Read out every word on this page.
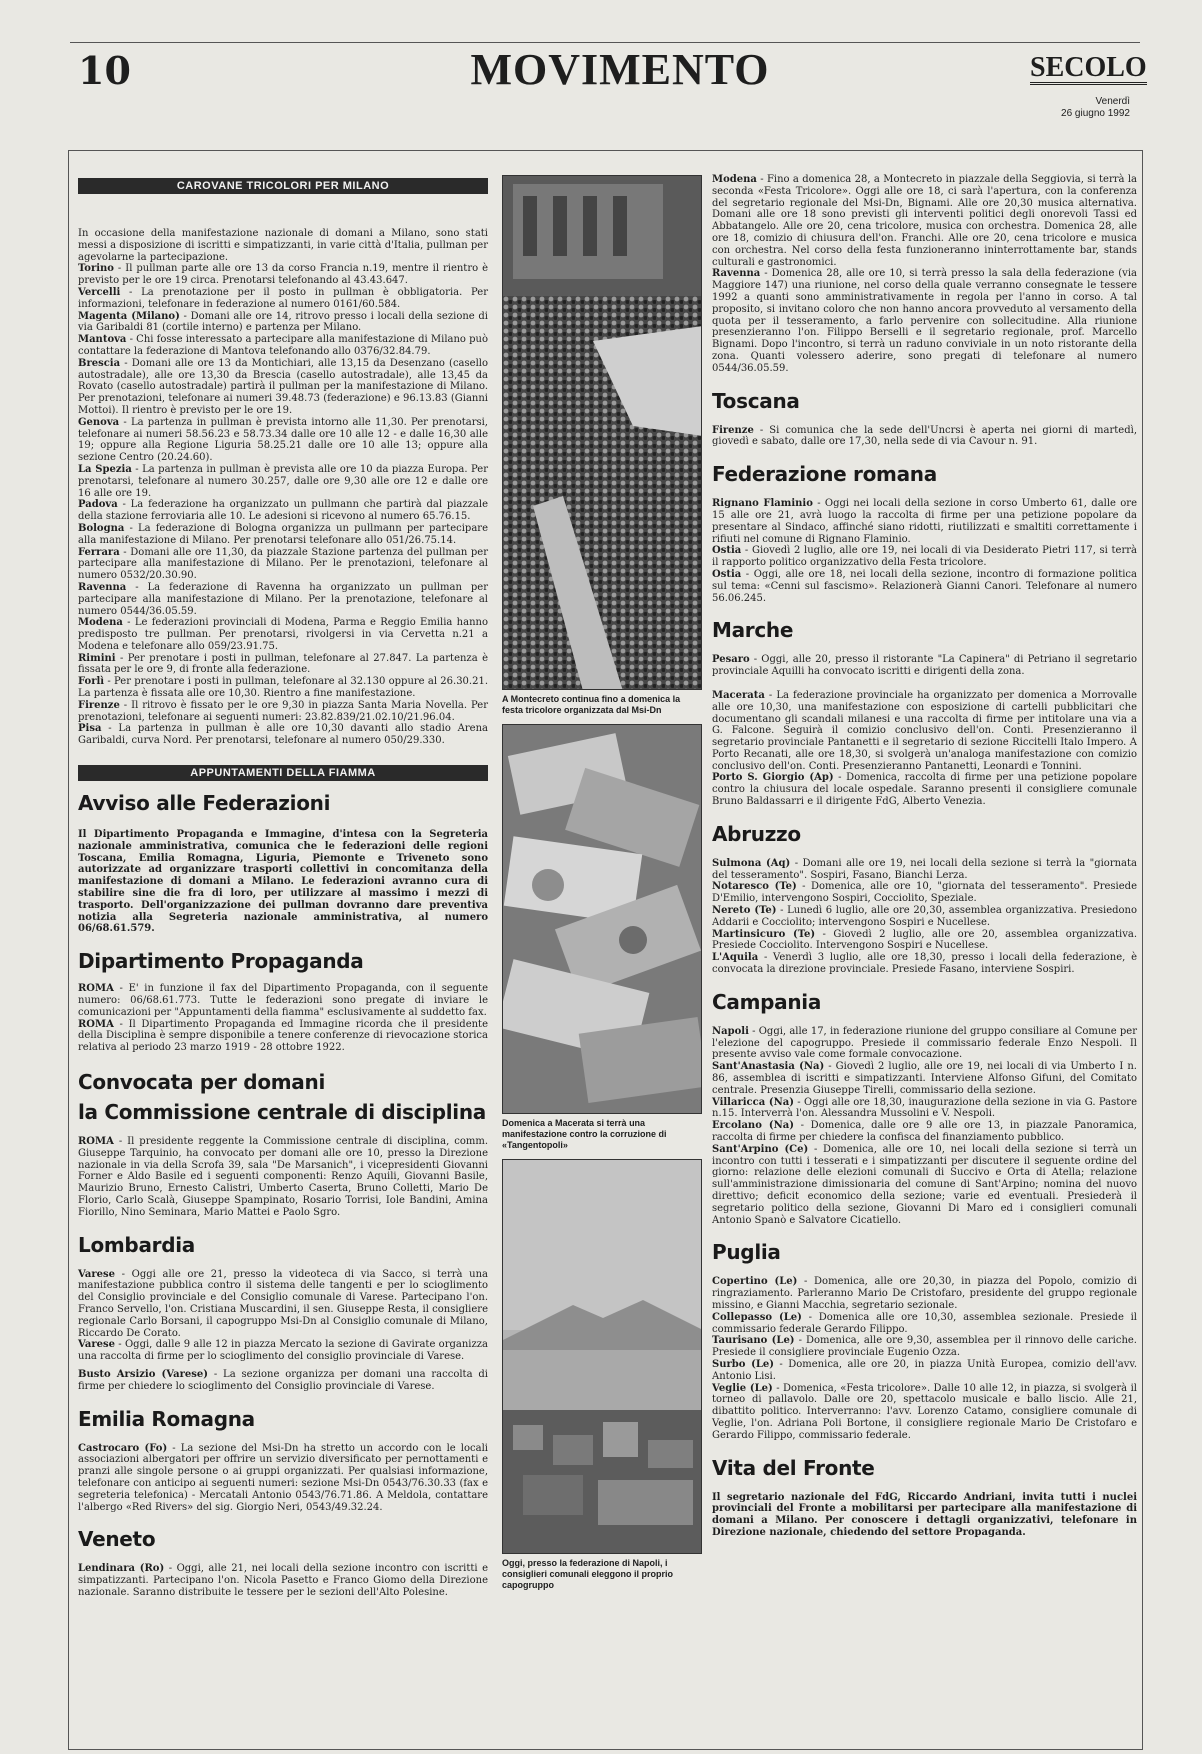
10	MOVIMENTO	SECOLO
Venerdì
26 giugno 1992
CAROVANE TRICOLORI PER MILANO

In occasione della manifestazione nazionale di domani a Milano, sono stati messi a disposizione di iscritti e simpatizzanti, in varie città d'Italia, pullman per agevolarne la partecipazione.

Torino - Il pullman parte alle ore 13 da corso Francia n.19, mentre il rientro è previsto per le ore 19 circa. Prenotarsi telefonando al 43.43.647.

Vercelli - La prenotazione per il posto in pullman è obbligatoria. Per informazioni, telefonare in federazione al numero 0161/60.584.

Magenta (Milano) - Domani alle ore 14, ritrovo presso i locali della sezione di via Garibaldi 81 (cortile interno) e partenza per Milano.

Mantova - Chi fosse interessato a partecipare alla manifestazione di Milano può contattare la federazione di Mantova telefonando allo 0376/32.84.79.

Brescia - Domani alle ore 13 da Montichiari, alle 13,15 da Desenzano (casello autostradale), alle ore 13,30 da Brescia (casello autostradale), alle 13,45 da Rovato (casello autostradale) partirà il pullman per la manifestazione di Milano. Per prenotazioni, telefonare ai numeri 39.48.73 (federazione) e 96.13.83 (Gianni Mottoi). Il rientro è previsto per le ore 19.

Genova - La partenza in pullman è prevista intorno alle 11,30. Per prenotarsi, telefonare ai numeri 58.56.23 e 58.73.34 dalle ore 10 alle 12 - e dalle 16,30 alle 19; oppure alla Regione Liguria 58.25.21 dalle ore 10 alle 13; oppure alla sezione Centro (20.24.60).

La Spezia - La partenza in pullman è prevista alle ore 10 da piazza Europa. Per prenotarsi, telefonare al numero 30.257, dalle ore 9,30 alle ore 12 e dalle ore 16 alle ore 19.

Padova - La federazione ha organizzato un pullmann che partirà dal piazzale della stazione ferroviaria alle 10. Le adesioni si ricevono al numero 65.76.15.

Bologna - La federazione di Bologna organizza un pullmann per partecipare alla manifestazione di Milano. Per prenotarsi telefonare allo 051/26.75.14.

Ferrara - Domani alle ore 11,30, da piazzale Stazione partenza del pullman per partecipare alla manifestazione di Milano. Per le prenotazioni, telefonare al numero 0532/20.30.90.

Ravenna - La federazione di Ravenna ha organizzato un pullman per partecipare alla manifestazione di Milano. Per la prenotazione, telefonare al numero 0544/36.05.59.

Modena - Le federazioni provinciali di Modena, Parma e Reggio Emilia hanno predisposto tre pullman. Per prenotarsi, rivolgersi in via Cervetta n.21 a Modena e telefonare allo 059/23.91.75.

Rimini - Per prenotare i posti in pullman, telefonare al 27.847. La partenza è fissata per le ore 9, di fronte alla federazione.

Forlì - Per prenotare i posti in pullman, telefonare al 32.130 oppure al 26.30.21. La partenza è fissata alle ore 10,30. Rientro a fine manifestazione.

Firenze - Il ritrovo è fissato per le ore 9,30 in piazza Santa Maria Novella. Per prenotazioni, telefonare ai seguenti numeri: 23.82.839/21.02.10/21.96.04.

Pisa - La partenza in pullman è alle ore 10,30 davanti allo stadio Arena Garibaldi, curva Nord. Per prenotarsi, telefonare al numero 050/29.330.

APPUNTAMENTI DELLA FIAMMA
Avviso alle Federazioni

Il Dipartimento Propaganda e Immagine, d'intesa con la Segreteria nazionale amministrativa, comunica che le federazioni delle regioni Toscana, Emilia Romagna, Liguria, Piemonte e Triveneto sono autorizzate ad organizzare trasporti collettivi in concomitanza della manifestazione di domani a Milano. Le federazioni avranno cura di stabilire sine die fra di loro, per utilizzare al massimo i mezzi di trasporto. Dell'organizzazione dei pullman dovranno dare preventiva notizia alla Segreteria nazionale amministrativa, al numero 06/68.61.579.

Dipartimento Propaganda

ROMA - E' in funzione il fax del Dipartimento Propaganda, con il seguente numero: 06/68.61.773. Tutte le federazioni sono pregate di inviare le comunicazioni per "Appuntamenti della fiamma" esclusivamente al suddetto fax.

ROMA - Il Dipartimento Propaganda ed Immagine ricorda che il presidente della Disciplina è sempre disponibile a tenere conferenze di rievocazione storica relativa al periodo 23 marzo 1919 - 28 ottobre 1922.

Convocata per domani
la Commissione centrale di disciplina

ROMA - Il presidente reggente la Commissione centrale di disciplina, comm. Giuseppe Tarquinio, ha convocato per domani alle ore 10, presso la Direzione nazionale in via della Scrofa 39, sala "De Marsanich", i vicepresidenti Giovanni Forner e Aldo Basile ed i seguenti componenti: Renzo Aquili, Giovanni Basile, Maurizio Bruno, Ernesto Calistri, Umberto Caserta, Bruno Colletti, Mario De Florio, Carlo Scalà, Giuseppe Spampinato, Rosario Torrisi, Iole Bandini, Amina Fiorillo, Nino Seminara, Mario Mattei e Paolo Sgro.

Lombardia

Varese - Oggi alle ore 21, presso la videoteca di via Sacco, si terrà una manifestazione pubblica contro il sistema delle tangenti e per lo scioglimento del Consiglio provinciale e del Consiglio comunale di Varese. Partecipano l'on. Franco Servello, l'on. Cristiana Muscardini, il sen. Giuseppe Resta, il consigliere regionale Carlo Borsani, il capogruppo Msi-Dn al Consiglio comunale di Milano, Riccardo De Corato.

Varese - Oggi, dalle 9 alle 12 in piazza Mercato la sezione di Gavirate organizza una raccolta di firme per lo scioglimento del consiglio provinciale di Varese.

Busto Arsizio (Varese) - La sezione organizza per domani una raccolta di firme per chiedere lo scioglimento del Consiglio provinciale di Varese.

Emilia Romagna

Castrocaro (Fo) - La sezione del Msi-Dn ha stretto un accordo con le locali associazioni albergatori per offrire un servizio diversificato per pernottamenti e pranzi alle singole persone o ai gruppi organizzati. Per qualsiasi informazione, telefonare con anticipo ai seguenti numeri: sezione Msi-Dn 0543/76.30.33 (fax e segreteria telefonica) - Mercatali Antonio 0543/76.71.86. A Meldola, contattare l'albergo «Red Rivers» del sig. Giorgio Neri, 0543/49.32.24.

Veneto

Lendinara (Ro) - Oggi, alle 21, nei locali della sezione incontro con iscritti e simpatizzanti. Partecipano l'on. Nicola Pasetto e Franco Giomo della Direzione nazionale. Saranno distribuite le tessere per le sezioni dell'Alto Polesine.

A Montecreto continua fino a domenica la festa tricolore organizzata dal Msi-Dn

Domenica a Macerata si terrà una manifestazione contro la corruzione di «Tangentopoli»

Oggi, presso la federazione di Napoli, i consiglieri comunali eleggono il proprio capogruppo

Modena - Fino a domenica 28, a Montecreto in piazzale della Seggiovia, si terrà la seconda «Festa Tricolore». Oggi alle ore 18, ci sarà l'apertura, con la conferenza del segretario regionale del Msi-Dn, Bignami. Alle ore 20,30 musica alternativa. Domani alle ore 18 sono previsti gli interventi politici degli onorevoli Tassi ed Abbatangelo. Alle ore 20, cena tricolore, musica con orchestra. Domenica 28, alle ore 18, comizio di chiusura dell'on. Franchi. Alle ore 20, cena tricolore e musica con orchestra. Nel corso della festa funzioneranno ininterrottamente bar, stands culturali e gastronomici.

Ravenna - Domenica 28, alle ore 10, si terrà presso la sala della federazione (via Maggiore 147) una riunione, nel corso della quale verranno consegnate le tessere 1992 a quanti sono amministrativamente in regola per l'anno in corso. A tal proposito, si invitano coloro che non hanno ancora provveduto al versamento della quota per il tesseramento, a farlo pervenire con sollecitudine. Alla riunione presenzieranno l'on. Filippo Berselli e il segretario regionale, prof. Marcello Bignami. Dopo l'incontro, si terrà un raduno conviviale in un noto ristorante della zona. Quanti volessero aderire, sono pregati di telefonare al numero 0544/36.05.59.

Toscana

Firenze - Si comunica che la sede dell'Uncrsi è aperta nei giorni di martedì, giovedì e sabato, dalle ore 17,30, nella sede di via Cavour n. 91.

Federazione romana

Rignano Flaminio - Oggi nei locali della sezione in corso Umberto 61, dalle ore 15 alle ore 21, avrà luogo la raccolta di firme per una petizione popolare da presentare al Sindaco, affinché siano ridotti, riutilizzati e smaltiti correttamente i rifiuti nel comune di Rignano Flaminio.

Ostia - Giovedì 2 luglio, alle ore 19, nei locali di via Desiderato Pietri 117, si terrà il rapporto politico organizzativo della Festa tricolore.

Ostia - Oggi, alle ore 18, nei locali della sezione, incontro di formazione politica sul tema: «Cenni sul fascismo». Relazionerà Gianni Canori. Telefonare al numero 56.06.245.

Marche

Pesaro - Oggi, alle 20, presso il ristorante "La Capinera" di Petriano il segretario provinciale Aquilli ha convocato iscritti e dirigenti della zona.

Macerata - La federazione provinciale ha organizzato per domenica a Morrovalle alle ore 10,30, una manifestazione con esposizione di cartelli pubblicitari che documentano gli scandali milanesi e una raccolta di firme per intitolare una via a G. Falcone. Seguirà il comizio conclusivo dell'on. Conti. Presenzieranno il segretario provinciale Pantanetti e il segretario di sezione Riccitelli Italo Impero. A Porto Recanati, alle ore 18,30, si svolgerà un'analoga manifestazione con comizio conclusivo dell'on. Conti. Presenzieranno Pantanetti, Leonardi e Tonnini.

Porto S. Giorgio (Ap) - Domenica, raccolta di firme per una petizione popolare contro la chiusura del locale ospedale. Saranno presenti il consigliere comunale Bruno Baldassarri e il dirigente FdG, Alberto Venezia.

Abruzzo

Sulmona (Aq) - Domani alle ore 19, nei locali della sezione si terrà la "giornata del tesseramento". Sospiri, Fasano, Bianchi Lerza.

Notaresco (Te) - Domenica, alle ore 10, "giornata del tesseramento". Presiede D'Emilio, intervengono Sospiri, Cocciolito, Speziale.

Nereto (Te) - Lunedì 6 luglio, alle ore 20,30, assemblea organizzativa. Presiedono Addarii e Cocciolito; intervengono Sospiri e Nucellese.

Martinsicuro (Te) - Giovedì 2 luglio, alle ore 20, assemblea organizzativa. Presiede Cocciolito. Intervengono Sospiri e Nucellese.

L'Aquila - Venerdì 3 luglio, alle ore 18,30, presso i locali della federazione, è convocata la direzione provinciale. Presiede Fasano, interviene Sospiri.

Campania

Napoli - Oggi, alle 17, in federazione riunione del gruppo consiliare al Comune per l'elezione del capogruppo. Presiede il commissario federale Enzo Nespoli. Il presente avviso vale come formale convocazione.

Sant'Anastasia (Na) - Giovedì 2 luglio, alle ore 19, nei locali di via Umberto I n. 86, assemblea di iscritti e simpatizzanti. Interviene Alfonso Gifuni, del Comitato centrale. Presenzia Giuseppe Tirelli, commissario della sezione.

Villaricca (Na) - Oggi alle ore 18,30, inaugurazione della sezione in via G. Pastore n.15. Interverrà l'on. Alessandra Mussolini e V. Nespoli.

Ercolano (Na) - Domenica, dalle ore 9 alle ore 13, in piazzale Panoramica, raccolta di firme per chiedere la confisca del finanziamento pubblico.

Sant'Arpino (Ce) - Domenica, alle ore 10, nei locali della sezione si terrà un incontro con tutti i tesserati e i simpatizzanti per discutere il seguente ordine del giorno: relazione delle elezioni comunali di Succivo e Orta di Atella; relazione sull'amministrazione dimissionaria del comune di Sant'Arpino; nomina del nuovo direttivo; deficit economico della sezione; varie ed eventuali. Presiederà il segretario politico della sezione, Giovanni Di Maro ed i consiglieri comunali Antonio Spanò e Salvatore Cicatiello.

Puglia

Copertino (Le) - Domenica, alle ore 20,30, in piazza del Popolo, comizio di ringraziamento. Parleranno Mario De Cristofaro, presidente del gruppo regionale missino, e Gianni Macchia, segretario sezionale.

Collepasso (Le) - Domenica alle ore 10,30, assemblea sezionale. Presiede il commissario federale Gerardo Filippo.

Taurisano (Le) - Domenica, alle ore 9,30, assemblea per il rinnovo delle cariche. Presiede il consigliere provinciale Eugenio Ozza.

Surbo (Le) - Domenica, alle ore 20, in piazza Unità Europea, comizio dell'avv. Antonio Lisi.

Veglie (Le) - Domenica, «Festa tricolore». Dalle 10 alle 12, in piazza, si svolgerà il torneo di pallavolo. Dalle ore 20, spettacolo musicale e ballo liscio. Alle 21, dibattito politico. Interverranno: l'avv. Lorenzo Catamo, consigliere comunale di Veglie, l'on. Adriana Poli Bortone, il consigliere regionale Mario De Cristofaro e Gerardo Filippo, commissario federale.

Vita del Fronte

Il segretario nazionale del FdG, Riccardo Andriani, invita tutti i nuclei provinciali del Fronte a mobilitarsi per partecipare alla manifestazione di domani a Milano. Per conoscere i dettagli organizzativi, telefonare in Direzione nazionale, chiedendo del settore Propaganda.
